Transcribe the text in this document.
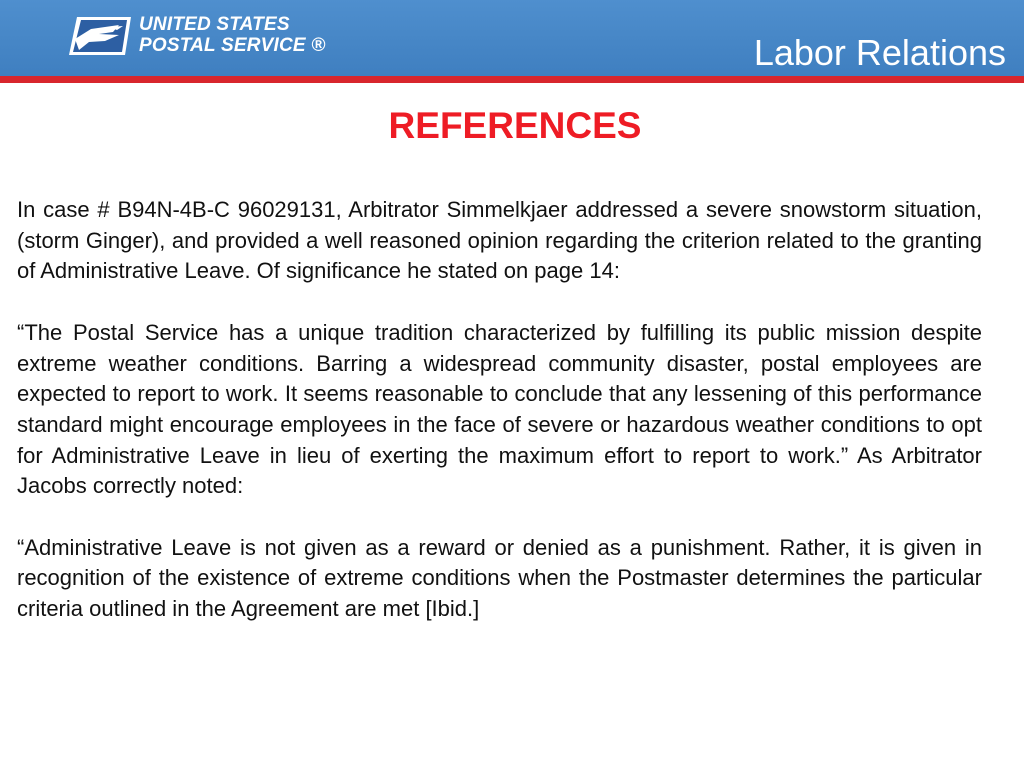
UNITED STATES
POSTAL SERVICE ®	Labor Relations
REFERENCES

In case # B94N-4B-C 96029131, Arbitrator Simmelkjaer addressed a severe snowstorm situation, (storm Ginger), and provided a well reasoned opinion regarding the criterion related to the granting of Administrative Leave. Of significance he stated on page 14:

“The Postal Service has a unique tradition characterized by fulfilling its public mission despite extreme weather conditions. Barring a widespread community disaster, postal employees are expected to report to work. It seems reasonable to conclude that any lessening of this performance standard might encourage employees in the face of severe or hazardous weather conditions to opt for Administrative Leave in lieu of exerting the maximum effort to report to work.” As Arbitrator Jacobs correctly noted:

“Administrative Leave is not given as a reward or denied as a punishment. Rather, it is given in recognition of the existence of extreme conditions when the Postmaster determines the particular criteria outlined in the Agreement are met [Ibid.]
